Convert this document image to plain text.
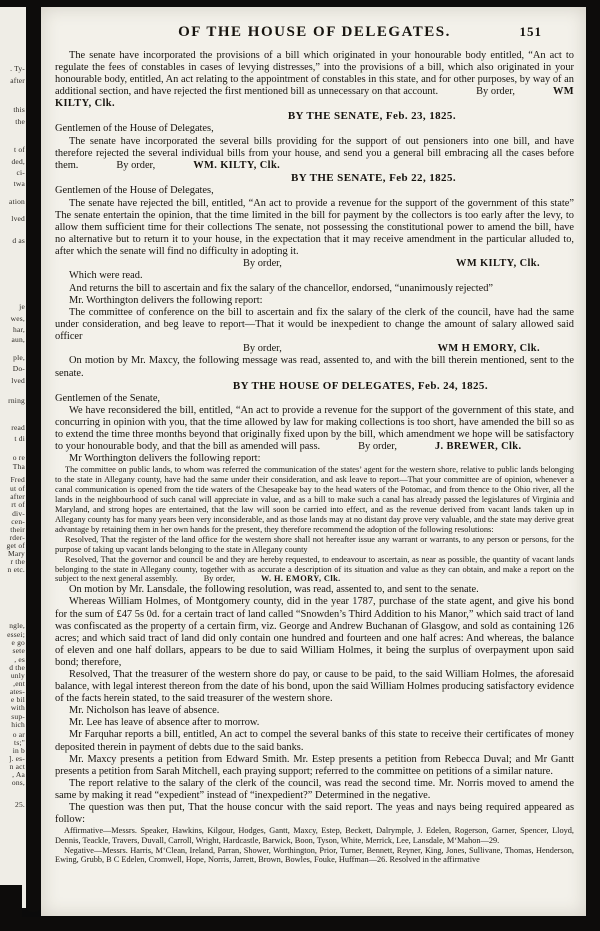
. Ty-
after
this
the
t of
ded,
ci-
twa
ation
lved
d as
je
wes,
har,
aun,
ple,
Do-
lved
rning
read
t di
o re
Tha
Fred
ut of
after
rt of
div-
cen-
their
rder-
get of
Mary
r the
n etc.
ngle,
essei;
e go
sete
, es
d the
unly
,ent
ates-
e bil
with
sup-
hich
o ar
ts;"
in b
]. es-
n act
, Aa
ons,
25.
OF THE HOUSE OF DELEGATES.	151
The senate have incorporated the provisions of a bill which originated in your honourable body entitled, “An act to regulate the fees of constables in cases of levying distresses,” into the provisions of a bill, which also originated in your honourable body, entitled, An act relating to the appointment of constables in this state, and for other purposes, by way of an additional section, and have rejected the first mentioned bill as unnecessary on that account.	By order,	WM KILTY, Clk.
BY THE SENATE, Feb. 23, 1825.
Gentlemen of the House of Delegates,
The senate have incorporated the several bills providing for the support of out pensioners into one bill, and have therefore rejected the several individual bills from your house, and send you a general bill embracing all the cases before them.	By order,	WM. KILTY, Clk.
BY THE SENATE, Feb 22, 1825.
Gentlemen of the House of Delegates,
The senate have rejected the bill, entitled, “An act to provide a revenue for the support of the government of this state” The senate entertain the opinion, that the time limited in the bill for payment by the collectors is too early after the levy, to allow them sufficient time for their collections The senate, not possessing the constitutional power to amend the bill, have no alternative but to return it to your house, in the expectation that it may receive amendment in the particular alluded to, after which the senate will find no difficulty in adopting it.
By order,	WM KILTY, Clk.
Which were read.
And returns the bill to ascertain and fix the salary of the chancellor, endorsed, “unanimously rejected”
Mr. Worthington delivers the following report:
The committee of conference on the bill to ascertain and fix the salary of the clerk of the council, have had the same under consideration, and beg leave to report—That it would be inexpedient to change the amount of salary allowed said officer
By order,	WM H EMORY, Clk.
On motion by Mr. Maxcy, the following message was read, assented to, and with the bill therein mentioned, sent to the senate.
BY THE HOUSE OF DELEGATES, Feb. 24, 1825.
Gentlemen of the Senate,
We have reconsidered the bill, entitled, “An act to provide a revenue for the support of the government of this state, and concurring in opinion with you, that the time allowed by law for making collections is too short, have amended the bill so as to extend the time three months beyond that originally fixed upon by the bill, which amendment we hope will be satisfactory to your honourable body, and that the bill as amended will pass.	By order,	J. BREWER, Clk.
Mr Worthington delivers the following report:
The committee on public lands, to whom was referred the communication of the states’ agent for the western shore, relative to public lands belonging to the state in Allegany county, have had the same under their consideration, and ask leave to report—That your committee are of opinion, whenever a canal communication is opened from the tide waters of the Chesapeake bay to the head waters of the Potomac, and from thence to the Ohio river, all the lands in the neighbourhood of such canal will appreciate in value, and as a bill to make such a canal has already passed the legislatures of Virginia and Maryland, and strong hopes are entertained, that the law will soon be carried into effect, and as the revenue derived from vacant lands taken up in Allegany county has for many years been very inconsiderable, and as those lands may at no distant day prove very valuable, and the state may derive great advantage by retaining them in her own hands for the present, they therefore recommend the adoption of the following resolutions:
Resolved, That the register of the land office for the western shore shall not hereafter issue any warrant or warrants, to any person or persons, for the purpose of taking up vacant lands belonging to the state in Allegany county
Resolved, That the governor and council be and they are hereby requested, to endeavour to ascertain, as near as possible, the quantity of vacant lands belonging to the state in Allegany county, together with as accurate a description of its situation and value as they can obtain, and make a report on the subject to the next general assembly.	By order,	W. H. EMORY, Clk.
On motion by Mr. Lansdale, the following resolution, was read, assented to, and sent to the senate.
Whereas William Holmes, of Montgomery county, did in the year 1787, purchase of the state agent, and give his bond for the sum of £47 5s 0d. for a certain tract of land called “Snowden’s Third Addition to his Manor,” which said tract of land was confiscated as the property of a certain firm, viz. George and Andrew Buchanan of Glasgow, and sold as containing 126 acres; and which said tract of land did only contain one hundred and fourteen and one half acres: And whereas, the balance of eleven and one half dollars, appears to be due to said William Holmes, it being the surplus of overpayment upon said bond; therefore,
Resolved, That the treasurer of the western shore do pay, or cause to be paid, to the said William Holmes, the aforesaid balance, with legal interest thereon from the date of his bond, upon the said William Holmes producing satisfactory evidence of the facts herein stated, to the said treasurer of the western shore.
Mr. Nicholson has leave of absence.
Mr. Lee has leave of absence after to morrow.
Mr Farquhar reports a bill, entitled, An act to compel the several banks of this state to receive their certificates of money deposited therein in payment of debts due to the said banks.
Mr. Maxcy presents a petition from Edward Smith. Mr. Estep presents a petition from Rebecca Duval; and Mr Gantt presents a petition from Sarah Mitchell, each praying support; referred to the committee on petitions of a similar nature.
The report relative to the salary of the clerk of the council, was read the second time. Mr. Norris moved to amend the same by making it read “expedient” instead of “inexpedient?” Determined in the negative.
The question was then put, That the house concur with the said report. The yeas and nays being required appeared as follow:
Affirmative—Messrs. Speaker, Hawkins, Kilgour, Hodges, Gantt, Maxcy, Estep, Beckett, Dalrymple, J. Edelen, Rogerson, Garner, Spencer, Lloyd, Dennis, Teackle, Travers, Duvall, Carroll, Wright, Hardcastle, Barwick, Boon, Tyson, White, Merrick, Lee, Lansdale, M‘Mahon—29.
Negative—Messrs. Harris, M‘Clean, Ireland, Parran, Shower, Worthington, Prior, Turner, Bennett, Reyner, King, Jones, Sullivane, Thomas, Henderson, Ewing, Grubb, B C Edelen, Cromwell, Hope, Norris, Jarrett, Brown, Bowles, Fouke, Huffman—26. Resolved in the affirmative
